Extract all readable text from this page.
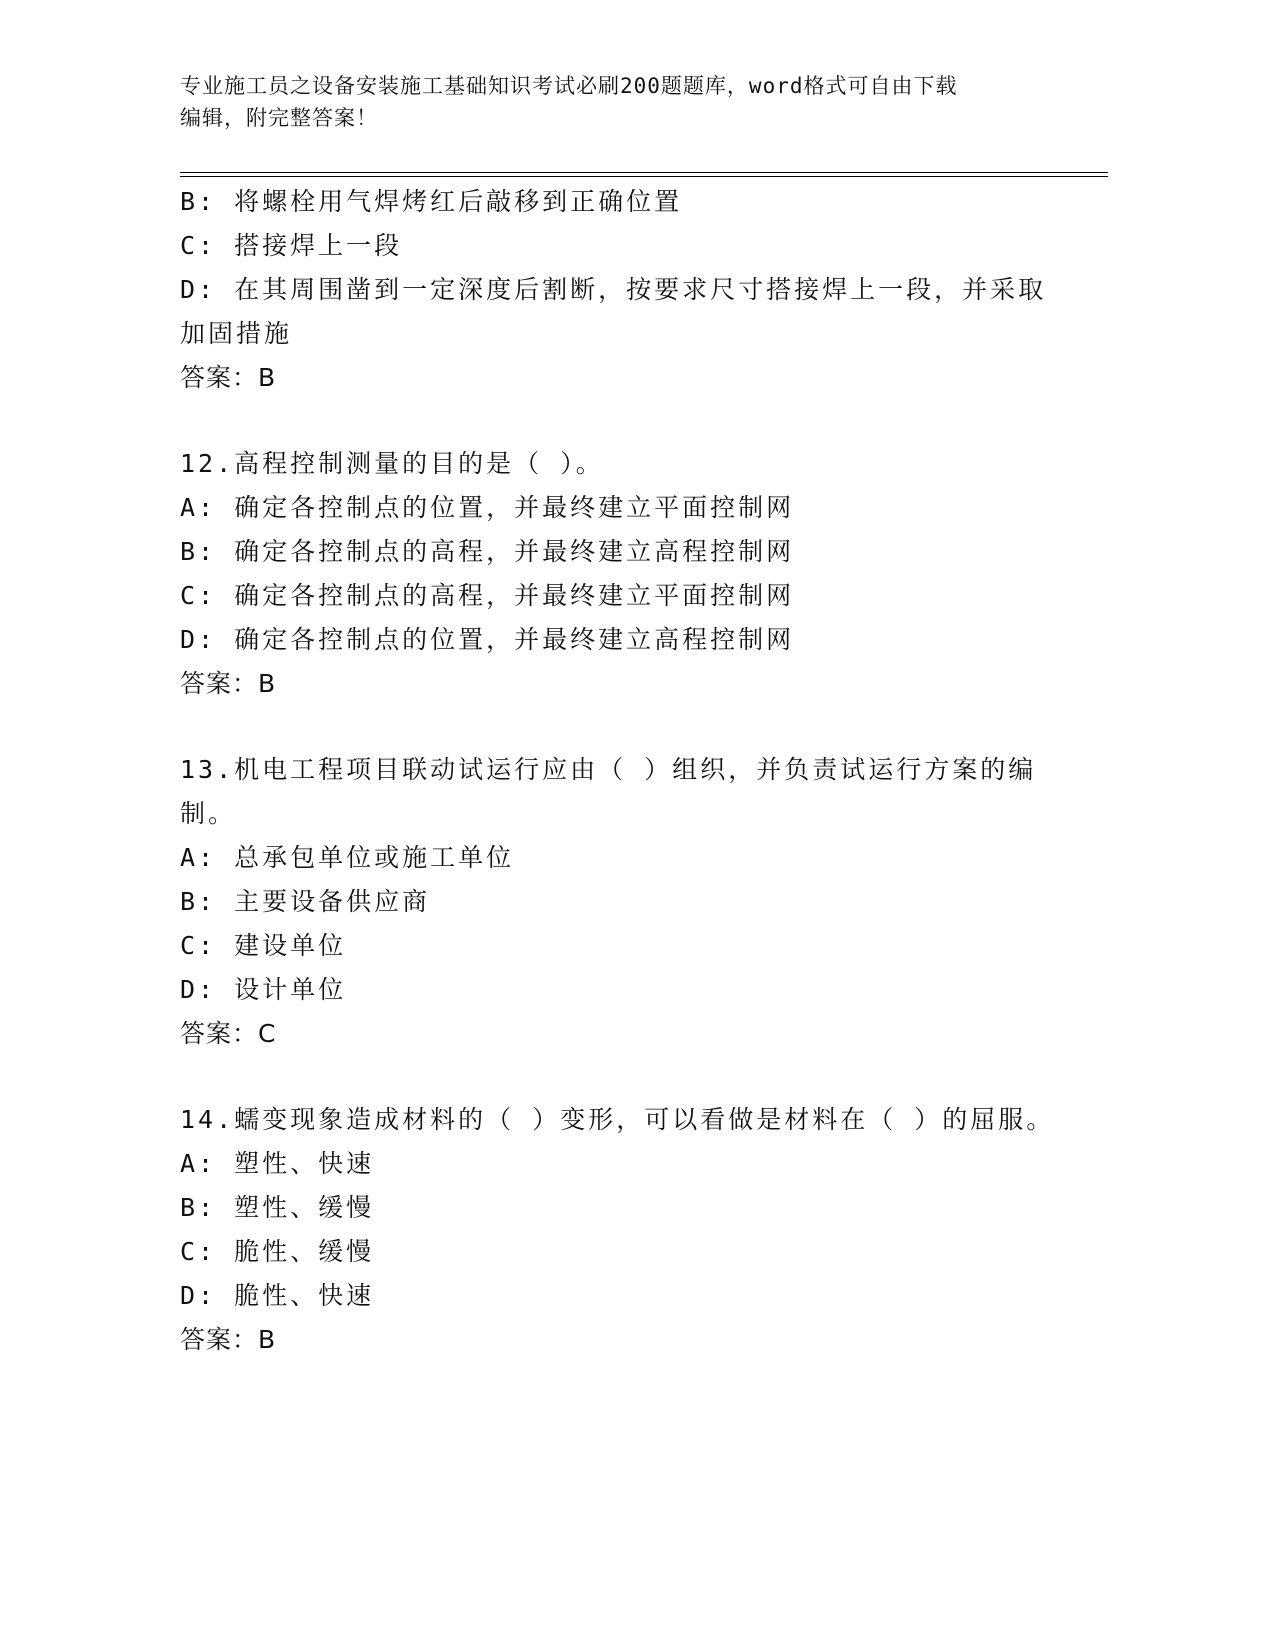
专业施工员之设备安装施工基础知识考试必刷200题题库，word格式可自由下载
编辑，附完整答案！
B: 将螺栓用气焊烤红后敲移到正确位置
C: 搭接焊上一段
D: 在其周围凿到一定深度后割断，按要求尺寸搭接焊上一段，并采取
加固措施
答案：B
12.高程控制测量的目的是（ ）。
A: 确定各控制点的位置，并最终建立平面控制网
B: 确定各控制点的高程，并最终建立高程控制网
C: 确定各控制点的高程，并最终建立平面控制网
D: 确定各控制点的位置，并最终建立高程控制网
答案：B
13.机电工程项目联动试运行应由（ ）组织，并负责试运行方案的编
制。
A: 总承包单位或施工单位
B: 主要设备供应商
C: 建设单位
D: 设计单位
答案：C
14.蠕变现象造成材料的（ ）变形，可以看做是材料在（ ）的屈服。
A: 塑性、快速
B: 塑性、缓慢
C: 脆性、缓慢
D: 脆性、快速
答案：B
